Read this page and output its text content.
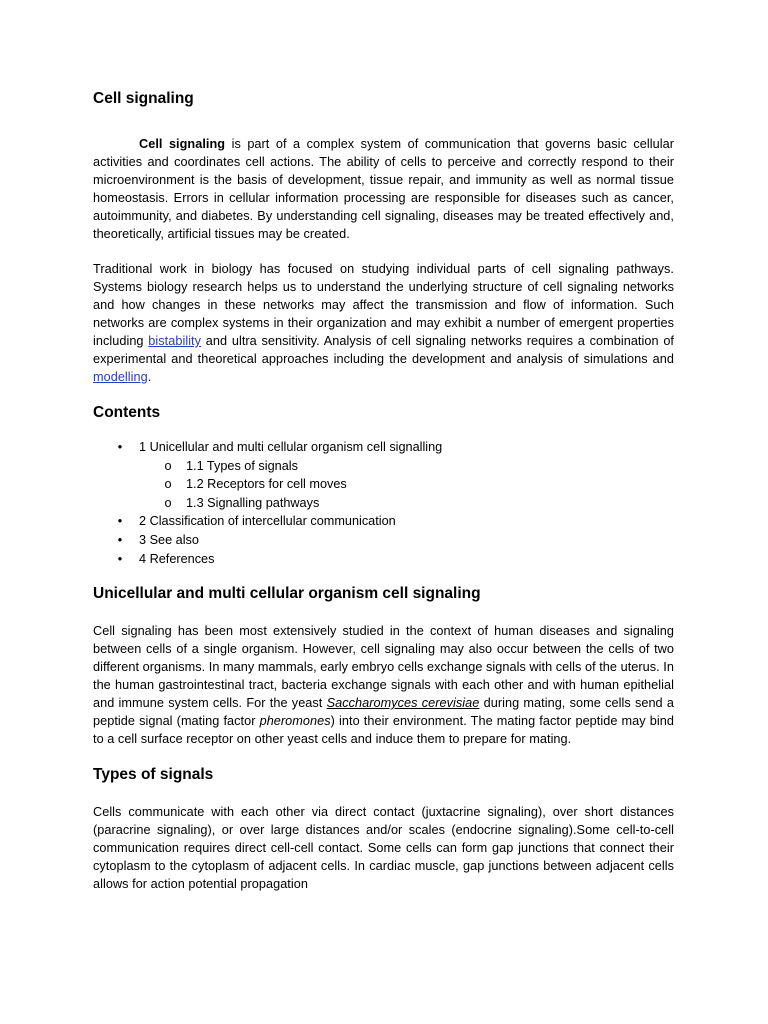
Cell signaling

Cell signaling is part of a complex system of communication that governs basic cellular activities and coordinates cell actions. The ability of cells to perceive and correctly respond to their microenvironment is the basis of development, tissue repair, and immunity as well as normal tissue homeostasis. Errors in cellular information processing are responsible for diseases such as cancer, autoimmunity, and diabetes. By understanding cell signaling, diseases may be treated effectively and, theoretically, artificial tissues may be created.

Traditional work in biology has focused on studying individual parts of cell signaling pathways. Systems biology research helps us to understand the underlying structure of cell signaling networks and how changes in these networks may affect the transmission and flow of information. Such networks are complex systems in their organization and may exhibit a number of emergent properties including bistability and ultra sensitivity. Analysis of cell signaling networks requires a combination of experimental and theoretical approaches including the development and analysis of simulations and modelling.

Contents
• 1 Unicellular and multi cellular organism cell signalling
o 1.1 Types of signals
o 1.2 Receptors for cell moves
o 1.3 Signalling pathways
• 2 Classification of intercellular communication
• 3 See also
• 4 References
Unicellular and multi cellular organism cell signaling

Cell signaling has been most extensively studied in the context of human diseases and signaling between cells of a single organism. However, cell signaling may also occur between the cells of two different organisms. In many mammals, early embryo cells exchange signals with cells of the uterus. In the human gastrointestinal tract, bacteria exchange signals with each other and with human epithelial and immune system cells. For the yeast Saccharomyces cerevisiae during mating, some cells send a peptide signal (mating factor pheromones) into their environment. The mating factor peptide may bind to a cell surface receptor on other yeast cells and induce them to prepare for mating.

Types of signals

Cells communicate with each other via direct contact (juxtacrine signaling), over short distances (paracrine signaling), or over large distances and/or scales (endocrine signaling).Some cell-to-cell communication requires direct cell-cell contact. Some cells can form gap junctions that connect their cytoplasm to the cytoplasm of adjacent cells. In cardiac muscle, gap junctions between adjacent cells allows for action potential propagation
